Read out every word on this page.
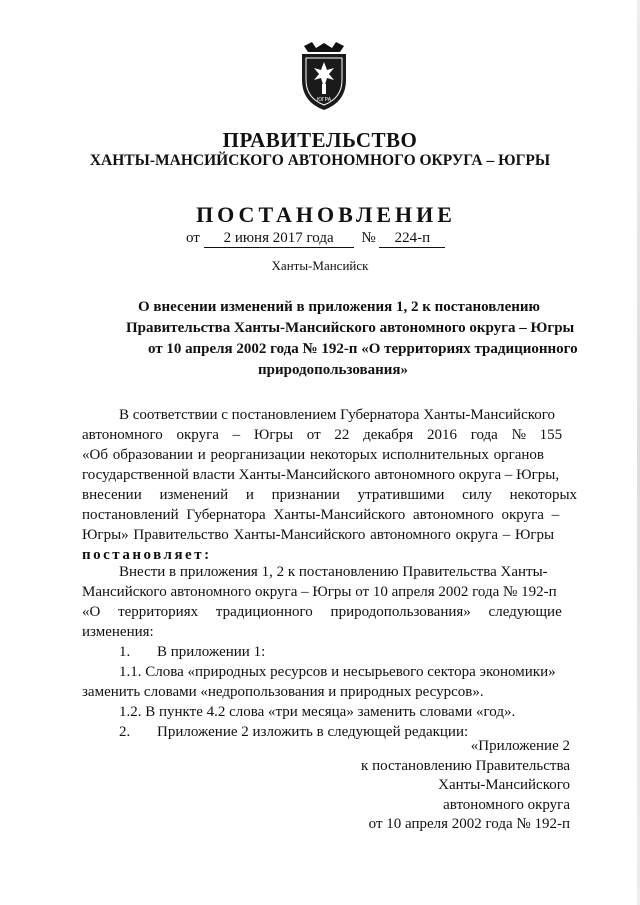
ЮГРА
ПРАВИТЕЛЬСТВО
ХАНТЫ-МАНСИЙСКОГО АВТОНОМНОГО ОКРУГА – ЮГРЫ
ПОСТАНОВЛЕНИЕ
от 2 июня 2017 года № 224-п
Ханты-Мансийск
О внесении изменений в приложения 1, 2 к постановлению
Правительства Ханты-Мансийского автономного округа – Югры
от 10 апреля 2002 года № 192-п «О территориях традиционного
природопользования»
В соответствии с постановлением Губернатора Ханты-Мансийского
автономного округа – Югры от 22 декабря 2016 года № 155
«Об образовании и реорганизации некоторых исполнительных органов
государственной власти Ханты-Мансийского автономного округа – Югры,
внесении изменений и признании утратившими силу некоторых
постановлений Губернатора Ханты-Мансийского автономного округа –
Югры» Правительство Ханты-Мансийского автономного округа – Югры
постановляет:
Внести в приложения 1, 2 к постановлению Правительства Ханты-
Мансийского автономного округа – Югры от 10 апреля 2002 года № 192-п
«О территориях традиционного природопользования» следующие
изменения:
1. В приложении 1:
1.1. Слова «природных ресурсов и несырьевого сектора экономики»
заменить словами «недропользования и природных ресурсов».
1.2. В пункте 4.2 слова «три месяца» заменить словами «год».
2. Приложение 2 изложить в следующей редакции:
«Приложение 2
к постановлению Правительства
Ханты-Мансийского
автономного округа
от 10 апреля 2002 года № 192-п
